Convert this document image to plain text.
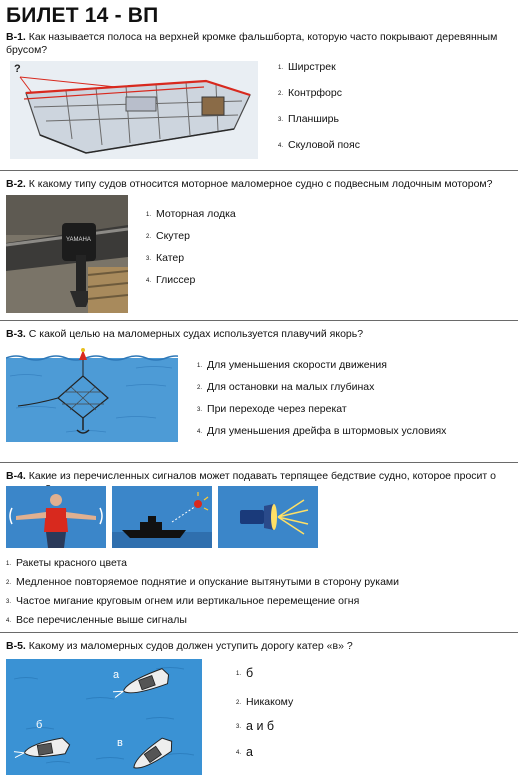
БИЛЕТ 14 - ВП
В-1. Как называется полоса на верхней кромке фальшборта, которую часто покрывают деревянным брусом?
?	$^{1.}$ Ширстрек
$^{2.}$ Контрфорс
$^{3.}$ Планширь
$^{4.}$ Скуловой пояс
В-2. К какому типу судов относится моторное маломерное судно с подвесным лодочным мотором?
YAMAHA
$^{1.}$ Моторная лодка
$^{2.}$ Скутер
$^{3.}$ Катер
$^{4.}$ Глиссер
В-3. С какой целью на маломерных судах используется плавучий якорь?
$^{1.}$ Для уменьшения скорости движения
$^{2.}$ Для остановки на малых глубинах
$^{3.}$ При переходе через перекат
$^{4.}$ Для уменьшения дрейфа в штормовых условиях
В-4. Какие из перечисленных сигналов может подавать терпящее бедствие судно, которое просит о
$^{1.}$ Ракеты красного цвета
$^{2.}$ Медленное повторяемое поднятие и опускание вытянутыми в сторону руками
$^{3.}$ Частое мигание круговым огнем или вертикальное перемещение огня
$^{4.}$ Все перечисленные выше сигналы
В-5. Какому из маломерных судов должен уступить дорогу катер «в» ?
а
б
в
$^{1.}$ б
$^{2.}$ Никакому
$^{3.}$ а и б
$^{4.}$ а
